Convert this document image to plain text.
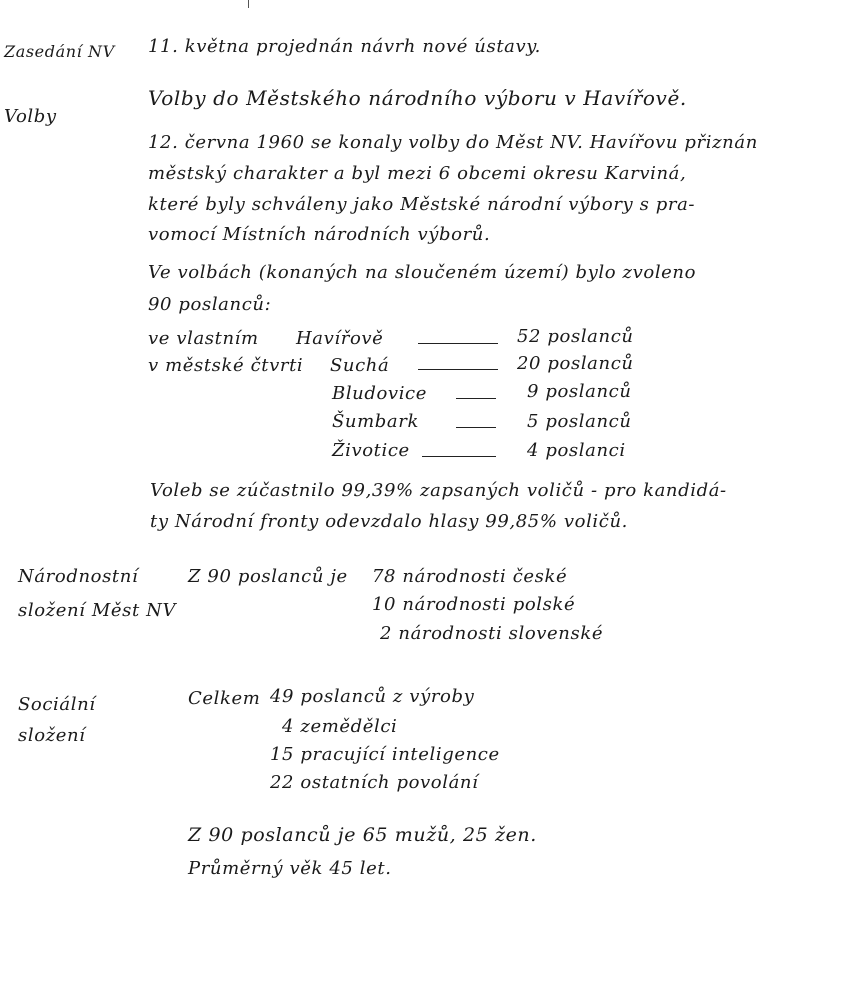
Zasedání NV 11. května projednán návrh nové ústavy.
Volby
Volby do Městského národního výboru v Havířově.
12. června 1960 se konaly volby do Měst NV. Havířovu přiznán
městský charakter a byl mezi 6 obcemi okresu Karviná,
které byly schváleny jako Městské národní výbory s pra-
vomocí Místních národních výborů.
Ve volbách (konaných na sloučeném území) bylo zvoleno
90 poslanců:
ve vlastním Havířově	52 poslanců
v městské čtvrti Suchá	20 poslanců
Bludovice	9 poslanců
Šumbark	5 poslanců
Životice	4 poslanci
Voleb se zúčastnilo 99,39% zapsaných voličů - pro kandidá-
ty Národní fronty odevzdalo hlasy 99,85% voličů.
Národnostní
složení Měst NV
Z 90 poslanců je 78 národnosti české
10 národnosti polské
2 národnosti slovenské
Sociální
složení
Celkem 49 poslanců z výroby
4 zemědělci
15 pracující inteligence
22 ostatních povolání
Z 90 poslanců je 65 mužů, 25 žen.
Průměrný věk 45 let.
